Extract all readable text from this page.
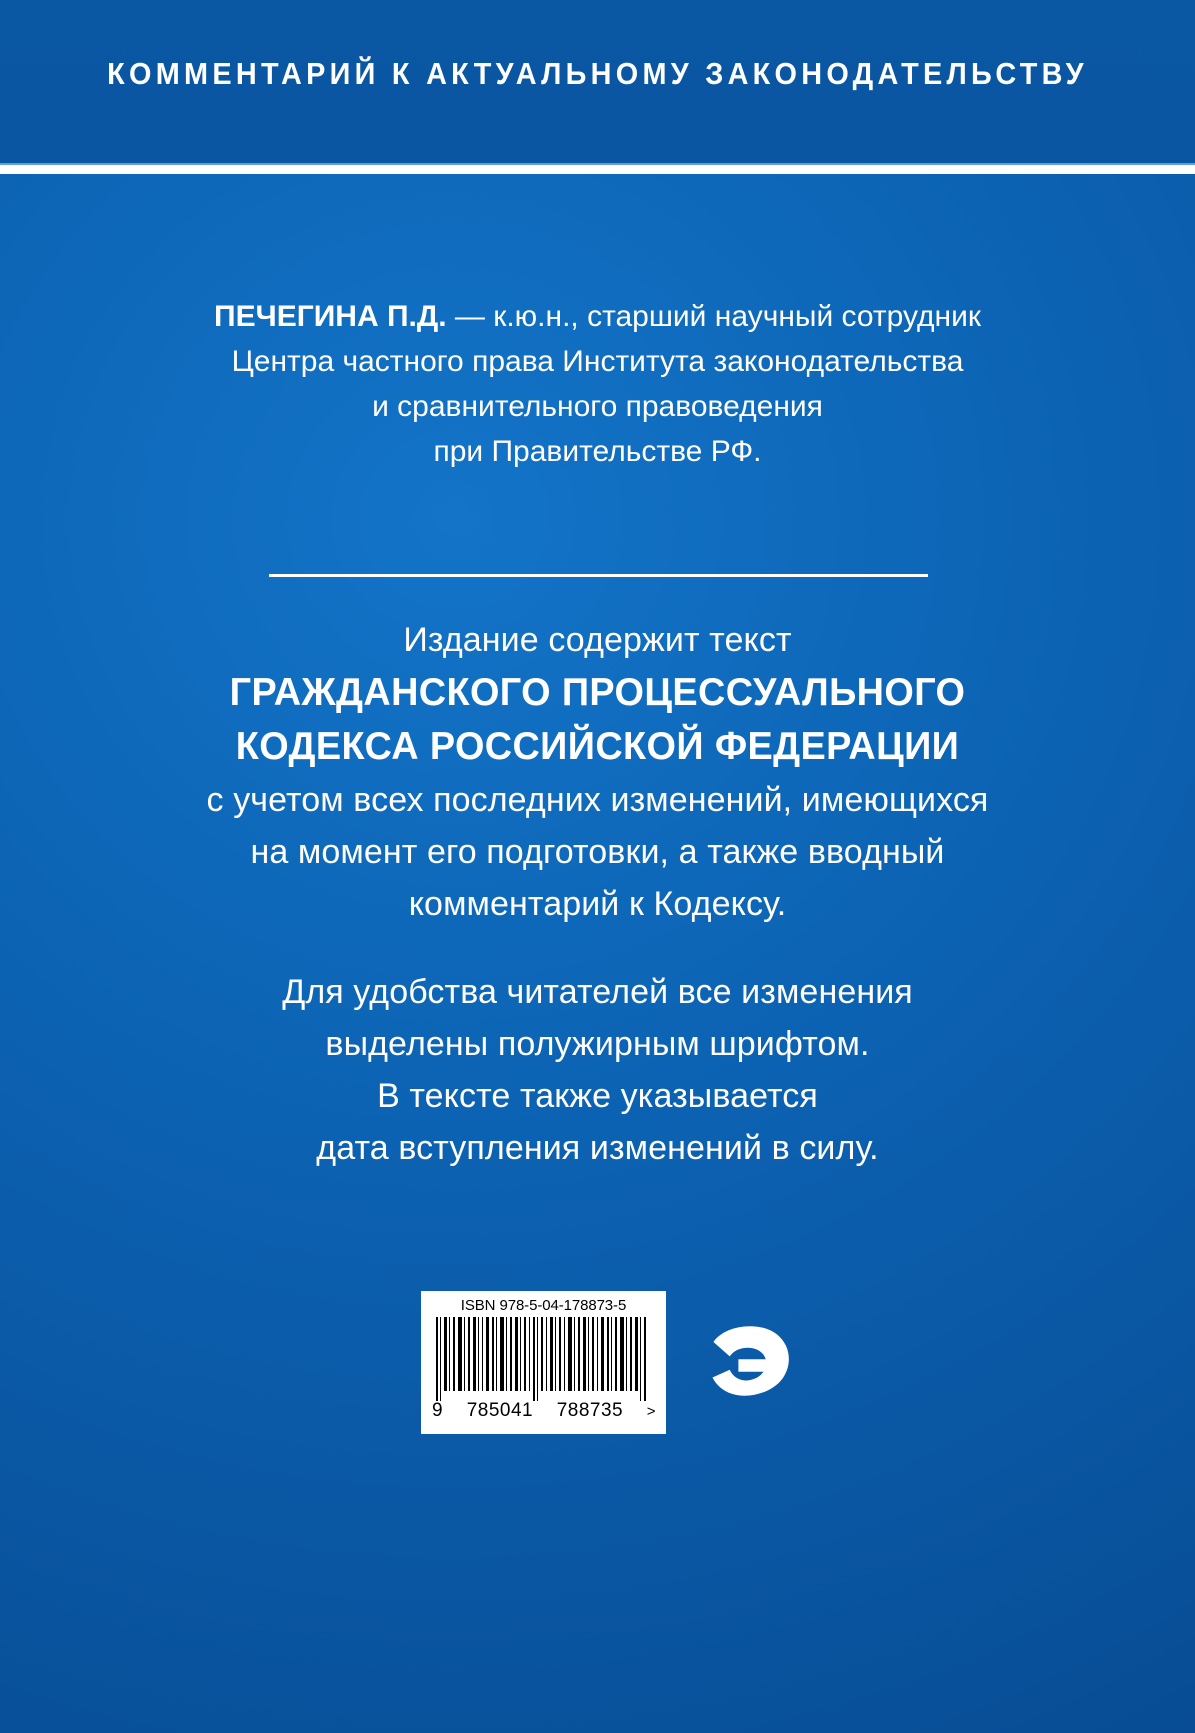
КОММЕНТАРИЙ К АКТУАЛЬНОМУ ЗАКОНОДАТЕЛЬСТВУ
ПЕЧЕГИНА П.Д. — к.ю.н., старший научный сотрудник
Центра частного права Института законодательства
и сравнительного правоведения
при Правительстве РФ.
Издание содержит текст
ГРАЖДАНСКОГО ПРОЦЕССУАЛЬНОГО
КОДЕКСА РОССИЙСКОЙ ФЕДЕРАЦИИ
с учетом всех последних изменений, имеющихся
на момент его подготовки, а также вводный
комментарий к Кодексу.
Для удобства читателей все изменения
выделены полужирным шрифтом.
В тексте также указывается
дата вступления изменений в силу.
ISBN 978-5-04-178873-5
9 785041 788735 >
